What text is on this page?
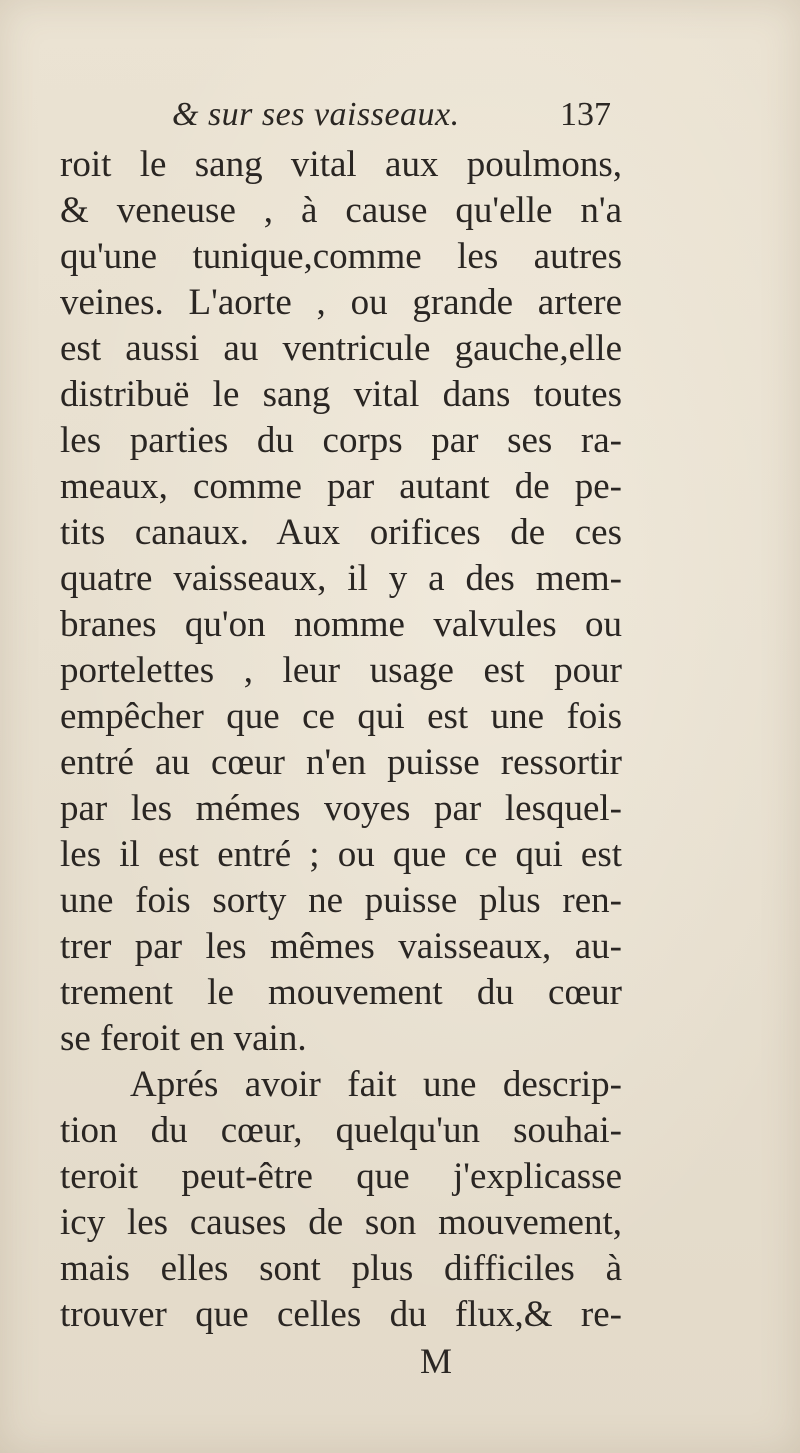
& sur ses vaisseaux.	137
roit le sang vital aux poulmons,
& veneuse , à cause qu'elle n'a
qu'une tunique,comme les autres
veines. L'aorte , ou grande artere
est aussi au ventricule gauche,elle
distribuë le sang vital dans toutes
les parties du corps par ses ra-
meaux, comme par autant de pe-
tits canaux. Aux orifices de ces
quatre vaisseaux, il y a des mem-
branes qu'on nomme valvules ou
portelettes , leur usage est pour
empêcher que ce qui est une fois
entré au cœur n'en puisse ressortir
par les mémes voyes par lesquel-
les il est entré ; ou que ce qui est
une fois sorty ne puisse plus ren-
trer par les mêmes vaisseaux, au-
trement le mouvement du cœur
se feroit en vain.
Aprés avoir fait une descrip-
tion du cœur, quelqu'un souhai-
teroit peut-être que j'explicasse
icy les causes de son mouvement,
mais elles sont plus difficiles à
trouver que celles du flux,& re-
M
